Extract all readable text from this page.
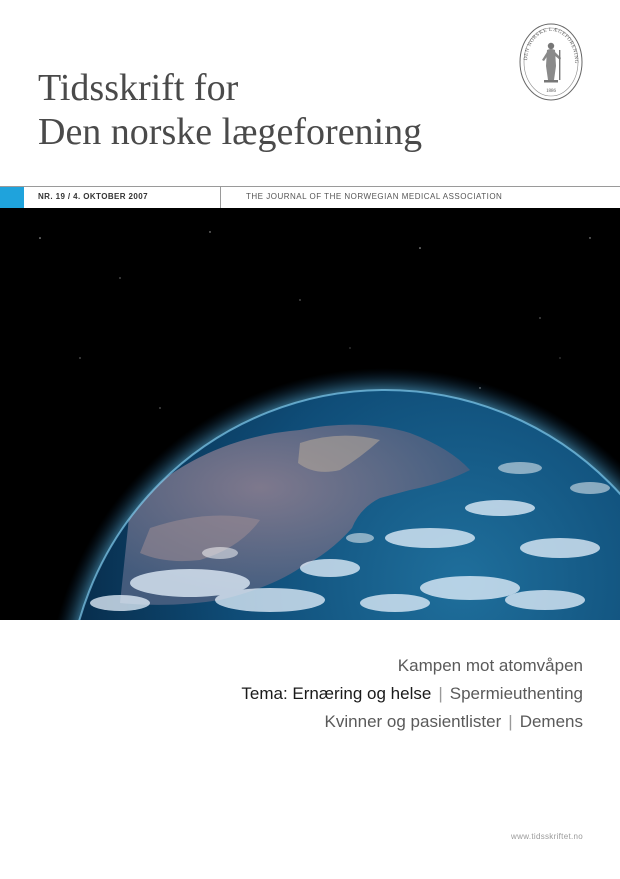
Tidsskrift for
Den norske lægeforening
DEN NORSKE LÆGEFORENING
1886
NR. 19 / 4. OKTOBER 2007	THE JOURNAL OF THE NORWEGIAN MEDICAL ASSOCIATION
Kampen mot atomvåpen
Tema: Ernæring og helse | Spermieuthenting
Kvinner og pasientlister | Demens
www.tidsskriftet.no
